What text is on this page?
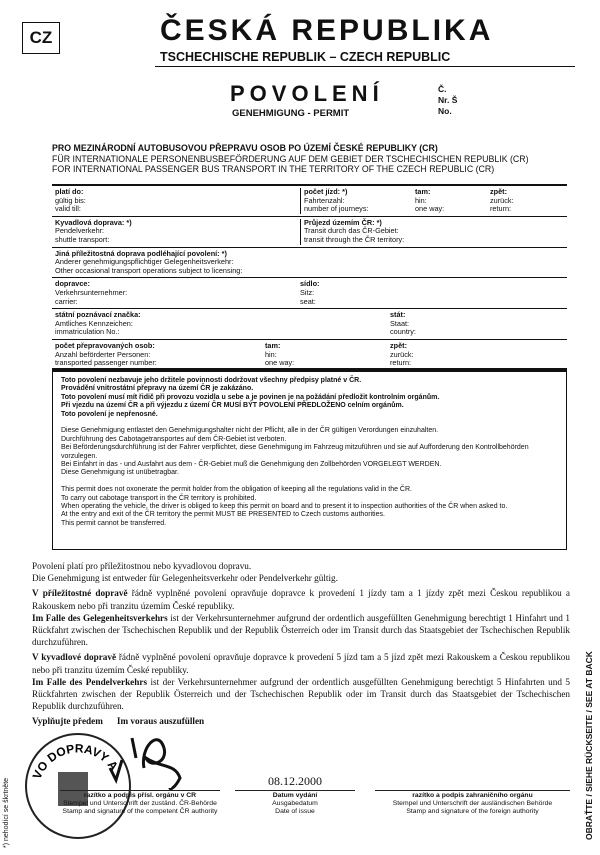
CZ	ČESKÁ REPUBLIKA
TSCHECHISCHE REPUBLIK – CZECH REPUBLIC
POVOLENÍ
GENEHMIGUNG - PERMIT
Č.
Nr. Š
No.
PRO MEZINÁRODNÍ AUTOBUSOVOU PŘEPRAVU OSOB PO ÚZEMÍ ČESKÉ REPUBLIKY (CR)
FÜR INTERNATIONALE PERSONENBUSBEFÖRDERUNG AUF DEM GEBIET DER TSCHECHISCHEN REPUBLIK (CR)
FOR INTERNATIONAL PASSENGER BUS TRANSPORT IN THE TERRITORY OF THE CZECH REPUBLIC (CR)
platí do:
gültig bis:
valid till:
počet jízd: *)
Fahrtenzahl:
number of journeys:
tam:
hin:
one way:
zpět:
zurück:
return:
Kyvadlová doprava: *)
Pendelverkehr:
shuttle transport:
Průjezd územím ČR: *)
Transit durch das ČR-Gebiet:
transit through the ČR territory:
Jiná příležitostná doprava podléhající povolení: *)
Anderer genehmigungspflichtiger Gelegenheitsverkehr:
Other occasional transport operations subject to licensing:
dopravce:
Verkehrsunternehmer:
carrier:
sídlo:
Sitz:
seat:
státní poznávací značka:
Amtliches Kennzeichen:
immatriculation No.:
stát:
Staat:
country:
počet přepravovaných osob:
Anzahl beförderter Personen:
transported passenger number:
tam:
hin:
one way:
zpět:
zurück:
return:

Toto povolení nezbavuje jeho držitele povinnosti dodržovat všechny předpisy platné v ČR.

Provádění vnitrostátní přepravy na území ČR je zakázáno.

Toto povolení musí mít řidič při provozu vozidla u sebe a je povinen je na požádání předložit kontrolním orgánům.

Při vjezdu na území ČR a při výjezdu z území ČR MUSÍ BÝT POVOLENÍ PŘEDLOŽENO celním orgánům.

Toto povolení je nepřenosné.

Diese Genehmigung entlastet den Genehmigungshalter nicht der Pflicht, alle in der ČR gültigen Verordungen einzuhalten.

Durchführung des Cabotagetransportes auf dem ČR-Gebiet ist verboten.

Bei Beförderungsdurchführung ist der Fahrer verpflichtet, diese Genehmigung im Fahrzeug mitzuführen und sie auf Aufforderung den Kontrollbehörden vorzulegen.

Bei Einfahrt in das - und Ausfahrt aus dem - ČR-Gebiet muß die Genehmigung den Zollbehörden VORGELEGT WERDEN.

Diese Genehmigung ist unübetragbar.

This permit does not oxonerate the permit holder from the obligation of keeping all the regulations valid in the ČR.

To carry out cabotage transport in the ČR territory is prohibited.

When operating the vehicle, the driver is obliged to keep this permit on board and to present it to inspection authorities of the ČR when asked to.

At the entry and exit of the ČR territory the permit MUST BE PRESENTED to Czech customs authorities.

This permit cannot be transferred.

Povolení platí pro příležitostnou nebo kyvadlovou dopravu.

Die Genehmigung ist entweder für Gelegenheitsverkehr oder Pendelverkehr gültig.

V příležitostné dopravě řádně vyplněné povolení opravňuje dopravce k provedení 1 jízdy tam a 1 jízdy zpět mezi Českou republikou a Rakouskem nebo při tranzitu územím České republiky.

Im Falle des Gelegenheitsverkehrs ist der Verkehrsunternehmer aufgrund der ordentlich ausgefüllten Genehmigung berechtigt 1 Hinfahrt und 1 Rückfahrt zwischen der Tschechischen Republik und der Republik Österreich oder im Transit durch das Staatsgebiet der Tschechischen Republik durchzuführen.

V kyvadlové dopravě řádně vyplněné povolení opravňuje dopravce k provedení 5 jízd tam a 5 jízd zpět mezi Rakouskem a Českou republikou nebo při tranzitu územím České republiky.

Im Falle des Pendelverkehrs ist der Verkehrsunternehmer aufgrund der ordentlich ausgefüllten Genehmigung berechtigt 5 Hinfahrten und 5 Rückfahrten zwischen der Republik Österreich und der Tschechischen Republik oder im Transit durch das Staatsgebiet der Tschechischen Republik durchzuführen.

Vyplňujte předem Im voraus auszufüllen
VO DOPRAVY A
razítko a podpis přísl. orgánu v CR
Stempel und Unterschrift der zuständ. ČR-Behörde
Stamp and signature of the competent ČR authority
08.12.2000
Datum vydání
Ausgabedatum
Date of issue
razítko a podpis zahraničního orgánu
Stempel und Unterschrift der ausländischen Behörde
Stamp and signature of the foreign authority
*) nehodící se škrtněte	OBRAŤTE / SIEHE RÜCKSEITE / SEE AT BACK
